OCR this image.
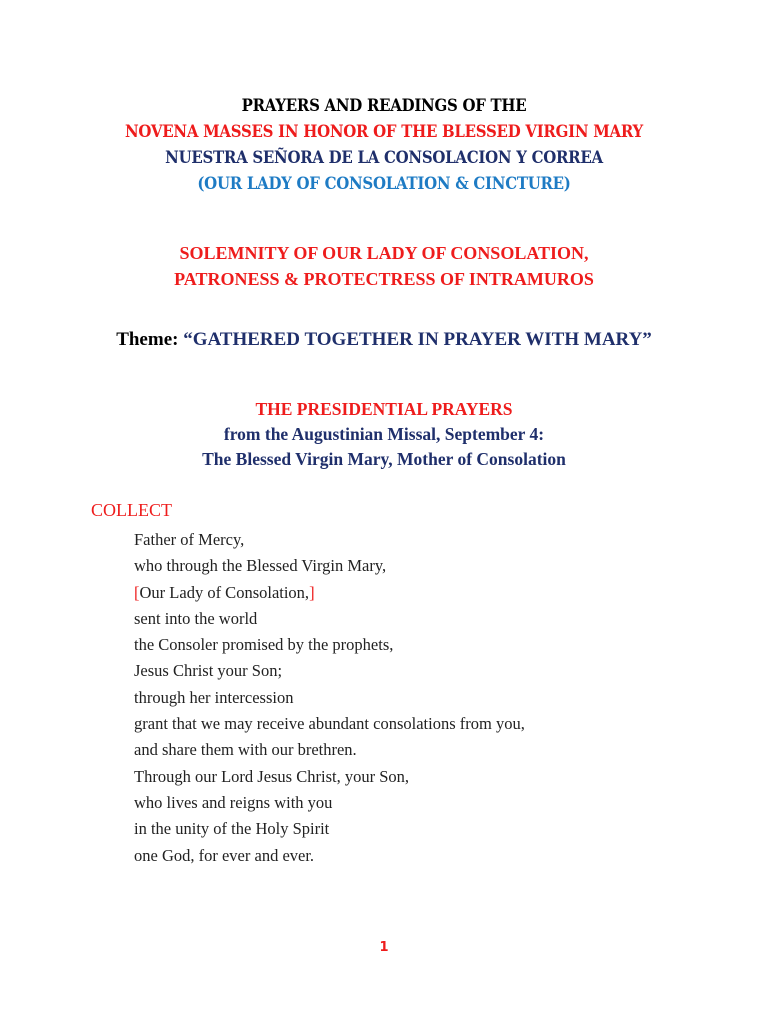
PRAYERS AND READINGS OF THE
NOVENA MASSES IN HONOR OF THE BLESSED VIRGIN MARY
NUESTRA SEÑORA DE LA CONSOLACION Y CORREA
(OUR LADY OF CONSOLATION & CINCTURE)
SOLEMNITY OF OUR LADY OF CONSOLATION,
PATRONESS & PROTECTRESS OF INTRAMUROS
Theme: “GATHERED TOGETHER IN PRAYER WITH MARY”
THE PRESIDENTIAL PRAYERS
from the Augustinian Missal, September 4:
The Blessed Virgin Mary, Mother of Consolation
COLLECT
Father of Mercy,
who through the Blessed Virgin Mary,
[Our Lady of Consolation,]
sent into the world
the Consoler promised by the prophets,
Jesus Christ your Son;
through her intercession
grant that we may receive abundant consolations from you,
and share them with our brethren.
Through our Lord Jesus Christ, your Son,
who lives and reigns with you
in the unity of the Holy Spirit
one God, for ever and ever.
1
